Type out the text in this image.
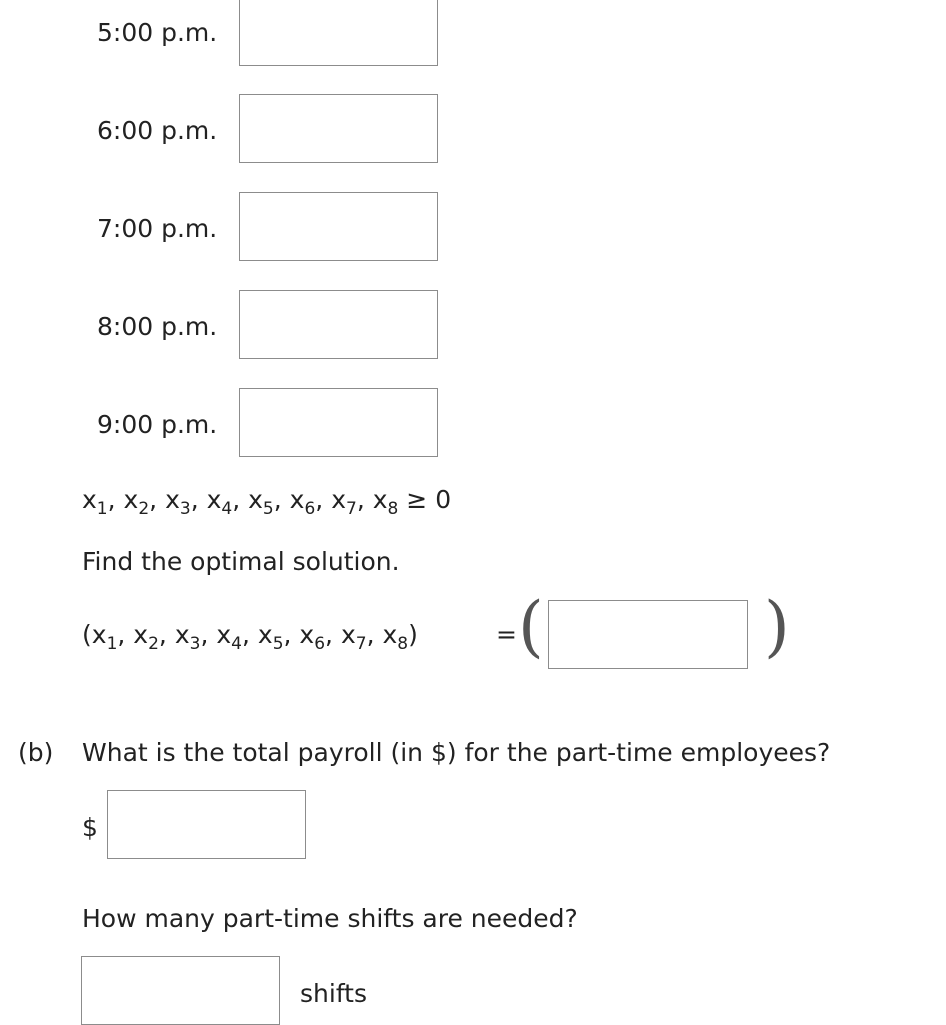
5:00 p.m.
6:00 p.m.
7:00 p.m.
8:00 p.m.
9:00 p.m.
$x_1$, $x_2$, $x_3$, $x_4$, $x_5$, $x_6$, $x_7$, $x_8 \ge 0$
Find the optimal solution.
($x_1$, $x_2$, $x_3$, $x_4$, $x_5$, $x_6$, $x_7$, $x_8$)	= (	)
(b) What is the total payroll (in $) for the part-time employees?
$
How many part-time shifts are needed?
shifts
